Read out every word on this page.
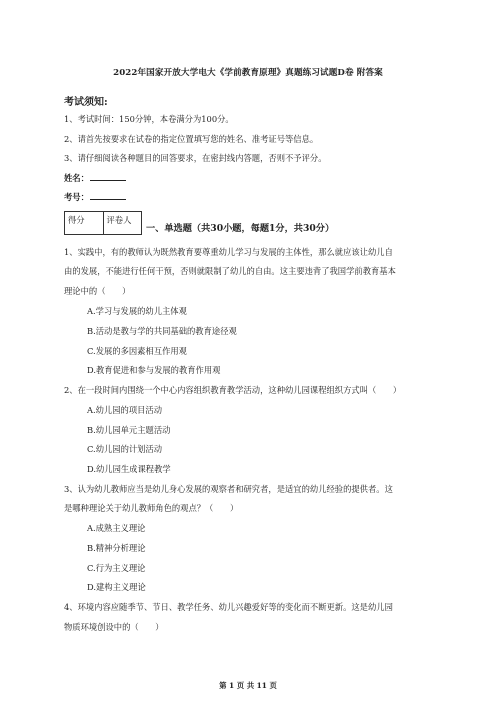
2022年国家开放大学电大《学前教育原理》真题练习试题D卷 附答案
考试须知:
1、考试时间：150分钟，本卷满分为100分。
2、请首先按要求在试卷的指定位置填写您的姓名、准考证号等信息。
3、请仔细阅读各种题目的回答要求，在密封线内答题，否则不予评分。
姓名：
考号：
得分	评卷人
一、单选题（共30小题，每题1分，共30分）
1、实践中，有的教师认为既然教育要尊重幼儿学习与发展的主体性，那么就应该让幼儿自
由的发展，不能进行任何干预，否则就限制了幼儿的自由。这主要违背了我国学前教育基本
理论中的（　　）
A.学习与发展的幼儿主体观
B.活动是教与学的共同基础的教育途径观
C.发展的多因素相互作用观
D.教育促进和参与发展的教育作用观
2、在一段时间内围绕一个中心内容组织教育教学活动，这种幼儿园课程组织方式叫（　　）
A.幼儿园的项目活动
B.幼儿园单元主题活动
C.幼儿园的计划活动
D.幼儿园生成课程教学
3、认为幼儿教师应当是幼儿身心发展的观察者和研究者，是适宜的幼儿经验的提供者。这
是哪种理论关于幼儿教师角色的观点？（　　）
A.成熟主义理论
B.精神分析理论
C.行为主义理论
D.建构主义理论
4、环境内容应随季节、节日、教学任务、幼儿兴趣爱好等的变化而不断更新。这是幼儿园
物质环境创设中的（　　）
第 1 页 共 11 页
